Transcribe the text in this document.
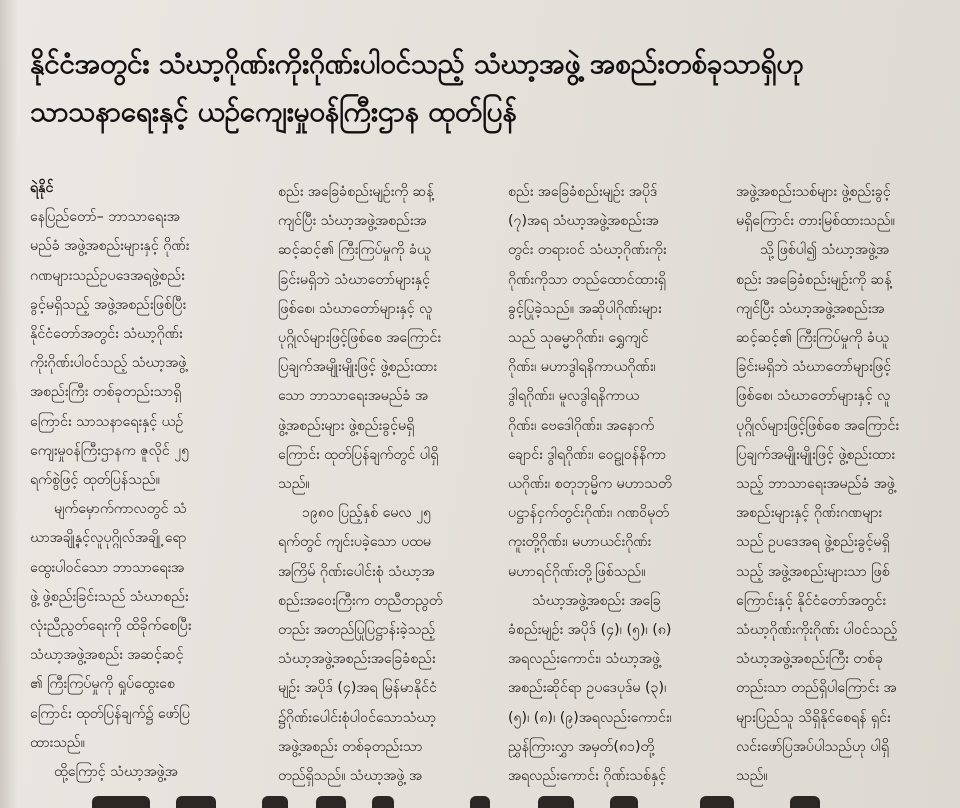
နိုင်ငံအတွင်း သံဃာ့ဂိုဏ်းကိုးဂိုဏ်းပါဝင်သည့် သံဃာ့အဖွဲ့ အစည်းတစ်ခုသာရှိဟု
သာသနာရေးနှင့် ယဉ်ကျေးမှုဝန်ကြီးဌာန ထုတ်ပြန်
ရဲနိုင်
နေပြည်တော်– ဘာသာရေးအ
မည်ခံ အဖွဲ့အစည်းများနှင့် ဂိုဏ်း
ဂဏများသည်ဥပဒေအရဖွဲ့စည်း
ခွင့်မရှိသည့် အဖွဲ့အစည်းဖြစ်ပြီး
နိုင်ငံတော်အတွင်း သံဃာ့ဂိုဏ်း
ကိုးဂိုဏ်းပါဝင်သည့် သံဃာ့အဖွဲ့
အစည်းကြီး တစ်ခုတည်းသာရှိ
ကြောင်း သာသနာရေးနှင့် ယဉ်
ကျေးမှုဝန်ကြီးဌာနက ဇူလိုင် ၂၅
ရက်စွဲဖြင့် ထုတ်ပြန်သည်။
မျက်မှောက်ကာလတွင် သံ
ဃာအချို့နှင့်လူပုဂ္ဂိုလ်အချို့ ရော
ထွေးပါဝင်သော ဘာသာရေးအ
ဖွဲ့ ဖွဲ့စည်းခြင်းသည် သံဃာစည်း
လုံးညီညွတ်ရေးကို ထိခိုက်စေပြီး
သံဃာ့အဖွဲ့အစည်း အဆင့်ဆင့်
၏ ကြီးကြပ်မှုကို ရှုပ်ထွေးစေ
ကြောင်း ထုတ်ပြန်ချက်၌ ဖော်ပြ
ထားသည်။
ထို့ကြောင့် သံဃာ့အဖွဲ့အ
စည်း အခြေခံစည်းမျဉ်းကို ဆန့်
ကျင်ပြီး သံဃာ့အဖွဲ့အစည်းအ
ဆင့်ဆင့်၏ ကြီးကြပ်မှုကို ခံယူ
ခြင်းမရှိဘဲ သံဃာတော်များနှင့်
ဖြစ်စေ၊ သံဃာတော်များနှင့် လူ
ပုဂ္ဂိုလ်များဖြင့်ဖြစ်စေ အကြောင်း
ပြချက်အမျိုးမျိုးဖြင့် ဖွဲ့စည်းထား
သော ဘာသာရေးအမည်ခံ အ
ဖွဲ့အစည်းများ ဖွဲ့စည်းခွင့်မရှိ
ကြောင်း ထုတ်ပြန်ချက်တွင် ပါရှိ
သည်။
၁၉၈၀ ပြည့်နှစ် မေလ ၂၅
ရက်တွင် ကျင်းပခဲ့သော ပထမ
အကြိမ် ဂိုဏ်းပေါင်းစုံ သံဃာ့အ
စည်းအဝေးကြီးက တညီတညွတ်
တည်း အတည်ပြုပြဋ္ဌာန်းခဲ့သည့်
သံဃာ့အဖွဲ့အစည်းအခြေခံစည်း
မျဉ်း အပိုဒ် (၄)အရ မြန်မာနိုင်ငံ
၌ဂိုဏ်းပေါင်းစုံပါဝင်သောသံဃာ့
အဖွဲ့အစည်း တစ်ခုတည်းသာ
တည်ရှိသည်။ သံဃာ့အဖွဲ့ အ
စည်း အခြေခံစည်းမျဉ်း အပိုဒ်
(၇)အရ သံဃာ့အဖွဲ့အစည်းအ
တွင်း တရားဝင် သံဃာ့ဂိုဏ်းကိုး
ဂိုဏ်းကိုသာ တည်ထောင်ထားရှိ
ခွင့်ပြုခဲ့သည်။ အဆိုပါဂိုဏ်းများ
သည် သုဓမ္မာဂိုဏ်း၊ ရွှေကျင်
ဂိုဏ်း၊ မဟာဒွါရနိကာယဂိုဏ်း၊
ဒွါရဂိုဏ်း၊ မူလဒွါရနိကာယ
ဂိုဏ်း၊ ဗေဒေါဂိုဏ်း၊ အနောက်
ချောင်း ဒွါရဂိုဏ်း၊ ဝေဠုဝန်နိကာ
ယဂိုဏ်း၊ စတုဘုမ္မိက မဟာသတိ
ပဋ္ဌာန်ငှက်တွင်းဂိုဏ်း၊ ဂဏဝိမုတ်
ကူးတို့ဂိုဏ်း၊ မဟာယင်းဂိုဏ်း
မဟာရင်ဂိုဏ်းတို့ဖြစ်သည်။
သံဃာ့အဖွဲ့အစည်း အခြေ
ခံစည်းမျဉ်း အပိုဒ် (၄)၊ (၅)၊ (၈)
အရလည်းကောင်း၊ သံဃာ့အဖွဲ့
အစည်းဆိုင်ရာ ဥပဒေပုဒ်မ (၃)၊
(၅)၊ (၈)၊ (၉)အရလည်းကောင်း၊
ညွှန်ကြားလွှာ အမှတ်(၈၁)တို့
အရလည်းကောင်း ဂိုဏ်းသစ်နှင့်
အဖွဲ့အစည်းသစ်များ ဖွဲ့စည်းခွင့်
မရှိကြောင်း တားမြစ်ထားသည်။
သို့ဖြစ်ပါ၍ သံဃာ့အဖွဲ့အ
စည်း အခြေခံစည်းမျဉ်းကို ဆန့်
ကျင်ပြီး သံဃာ့အဖွဲ့အစည်းအ
ဆင့်ဆင့်၏ ကြီးကြပ်မှုကို ခံယူ
ခြင်းမရှိဘဲ သံဃာတော်များဖြင့်
ဖြစ်စေ၊ သံဃာတော်များနှင့် လူ
ပုဂ္ဂိုလ်များဖြင့်ဖြစ်စေ အကြောင်း
ပြချက်အမျိုးမျိုးဖြင့် ဖွဲ့စည်းထား
သည့် ဘာသာရေးအမည်ခံ အဖွဲ့
အစည်းများနှင့် ဂိုဏ်းဂဏများ
သည် ဥပဒေအရ ဖွဲ့စည်းခွင့်မရှိ
သည့် အဖွဲ့အစည်းများသာ ဖြစ်
ကြောင်းနှင့် နိုင်ငံတော်အတွင်း
သံဃာ့ဂိုဏ်းကိုးဂိုဏ်း ပါဝင်သည့်
သံဃာ့အဖွဲ့အစည်းကြီး တစ်ခု
တည်းသာ တည်ရှိပါကြောင်း အ
များပြည်သူ သိရှိနိုင်စေရန် ရှင်း
လင်းဖော်ပြအပ်ပါသည်ဟု ပါရှိ
သည်။
